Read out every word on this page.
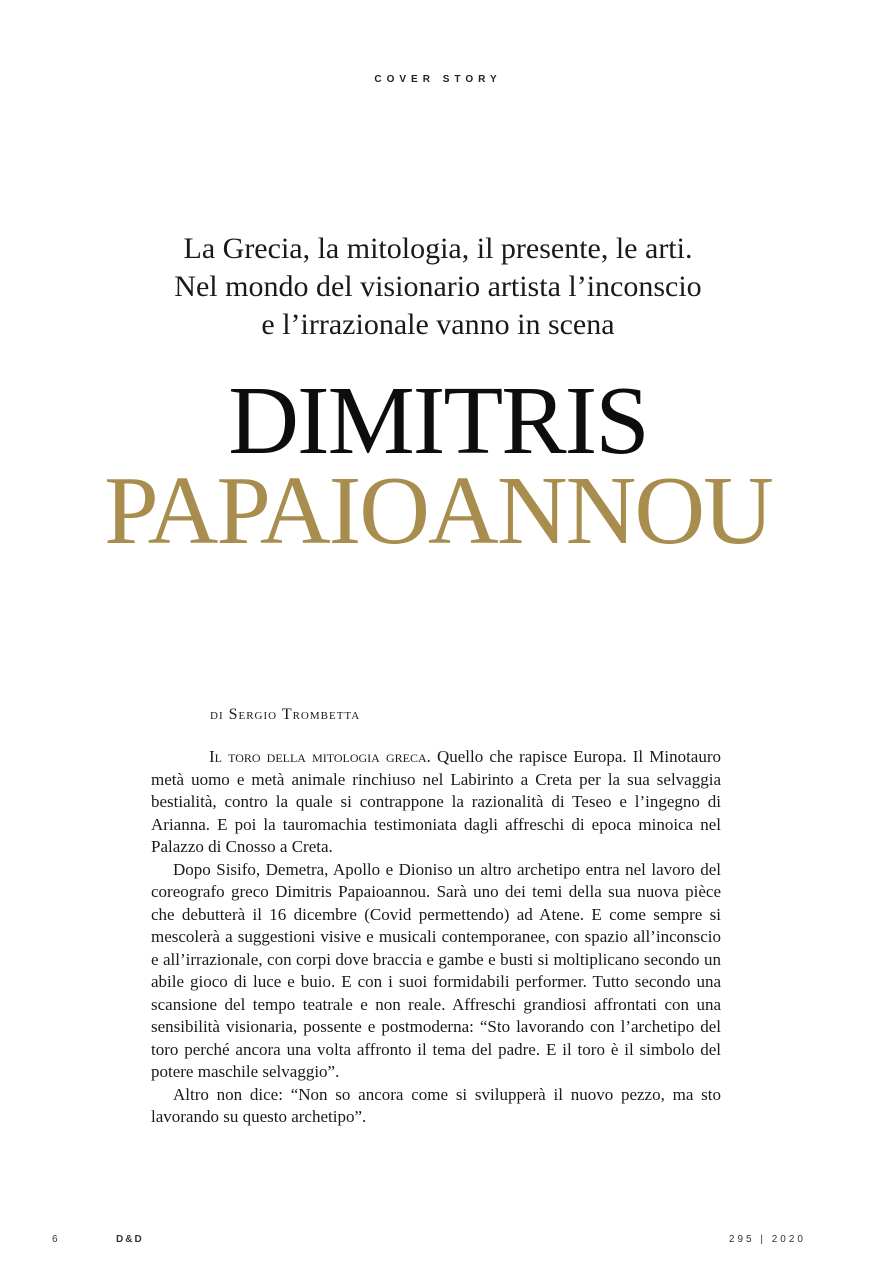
COVER STORY
La Grecia, la mitologia, il presente, le arti.
Nel mondo del visionario artista l’inconscio
e l’irrazionale vanno in scena
DIMITRIS
PAPAIOANNOU
di Sergio Trombetta

Il toro della mitologia greca. Quello che rapisce Europa. Il Minotauro metà uomo e metà animale rinchiuso nel Labirinto a Creta per la sua selvaggia bestialità, contro la quale si contrappone la razionalità di Teseo e l’ingegno di Arianna. E poi la tauromachia testimoniata dagli affreschi di epoca minoica nel Palazzo di Cnosso a Creta.

Dopo Sisifo, Demetra, Apollo e Dioniso un altro archetipo entra nel lavoro del coreografo greco Dimitris Papaioannou. Sarà uno dei temi della sua nuova pièce che debutterà il 16 dicembre (Covid permettendo) ad Atene. E come sempre si mescolerà a suggestioni visive e musicali contemporanee, con spazio all’inconscio e all’irrazionale, con corpi dove braccia e gambe e busti si moltiplicano secondo un abile gioco di luce e buio. E con i suoi formidabili performer. Tutto secondo una scansione del tempo teatrale e non reale. Affreschi grandiosi affrontati con una sensibilità visionaria, possente e postmoderna: “Sto lavorando con l’archetipo del toro perché ancora una volta affronto il tema del padre. E il toro è il simbolo del potere maschile selvaggio”.

Altro non dice: “Non so ancora come si svilupperà il nuovo pezzo, ma sto lavorando su questo archetipo”.

6	D&D	295 | 2020
